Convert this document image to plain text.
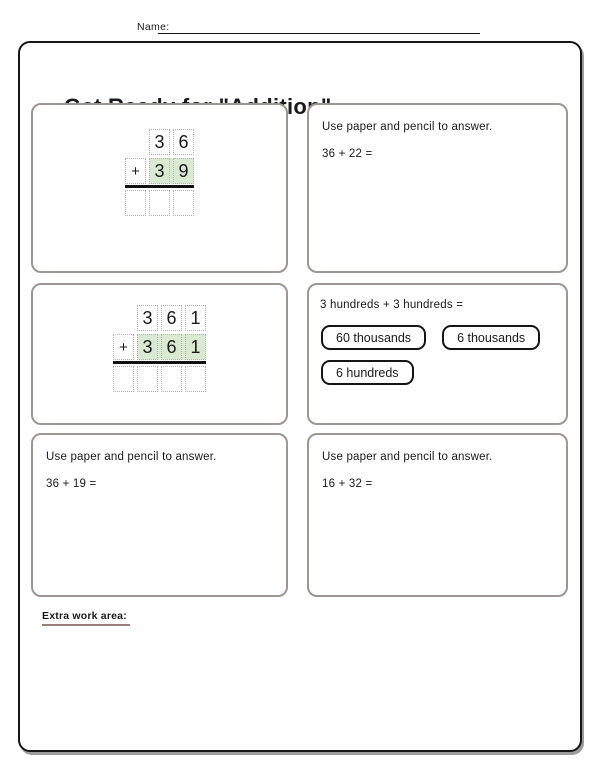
Name:
3 6
+ 3 9
Use paper and pencil to answer.
36 + 22 =
3 6 1
+ 3 6 1
3 hundreds + 3 hundreds =
60 thousands	6 thousands
6 hundreds
Use paper and pencil to answer.
36 + 19 =
Use paper and pencil to answer.
16 + 32 =
Extra work area:
